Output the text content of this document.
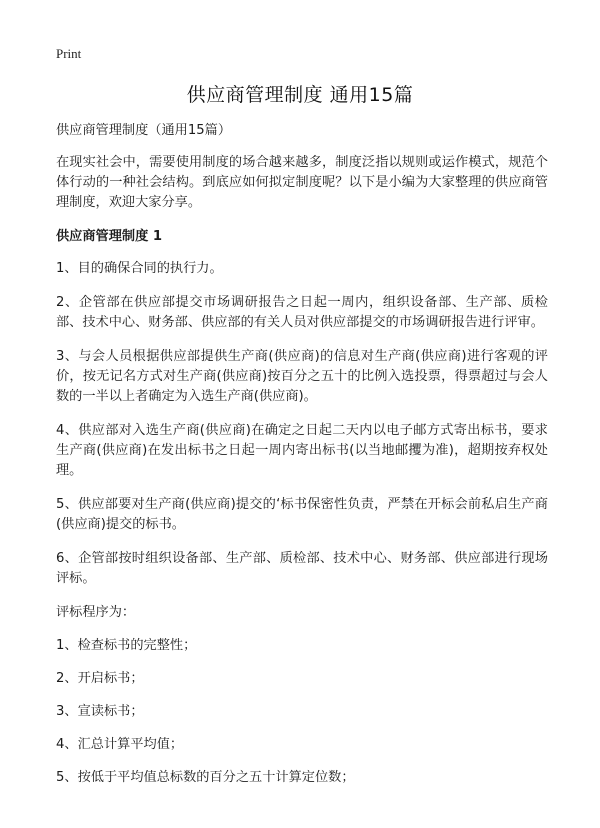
Print
供应商管理制度 通用15篇

供应商管理制度（通用15篇）

在现实社会中，需要使用制度的场合越来越多，制度泛指以规则或运作模式，规范个体行动的一种社会结构。到底应如何拟定制度呢？以下是小编为大家整理的供应商管理制度，欢迎大家分享。

供应商管理制度 1

1、目的确保合同的执行力。

2、企管部在供应部提交市场调研报告之日起一周内，组织设备部、生产部、质检部、技术中心、财务部、供应部的有关人员对供应部提交的市场调研报告进行评审。

3、与会人员根据供应部提供生产商(供应商)的信息对生产商(供应商)进行客观的评价，按无记名方式对生产商(供应商)按百分之五十的比例入选投票，得票超过与会人数的一半以上者确定为入选生产商(供应商)。

4、供应部对入选生产商(供应商)在确定之日起二天内以电子邮方式寄出标书，要求生产商(供应商)在发出标书之日起一周内寄出标书(以当地邮攫为准)，超期按弃权处理。

5、供应部要对生产商(供应商)提交的‘标书保密性负责，严禁在开标会前私启生产商(供应商)提交的标书。

6、企管部按时组织设备部、生产部、质检部、技术中心、财务部、供应部进行现场评标。

评标程序为：

1、检查标书的完整性；

2、开启标书；

3、宣读标书；

4、汇总计算平均值；

5、按低于平均值总标数的百分之五十计算定位数；
